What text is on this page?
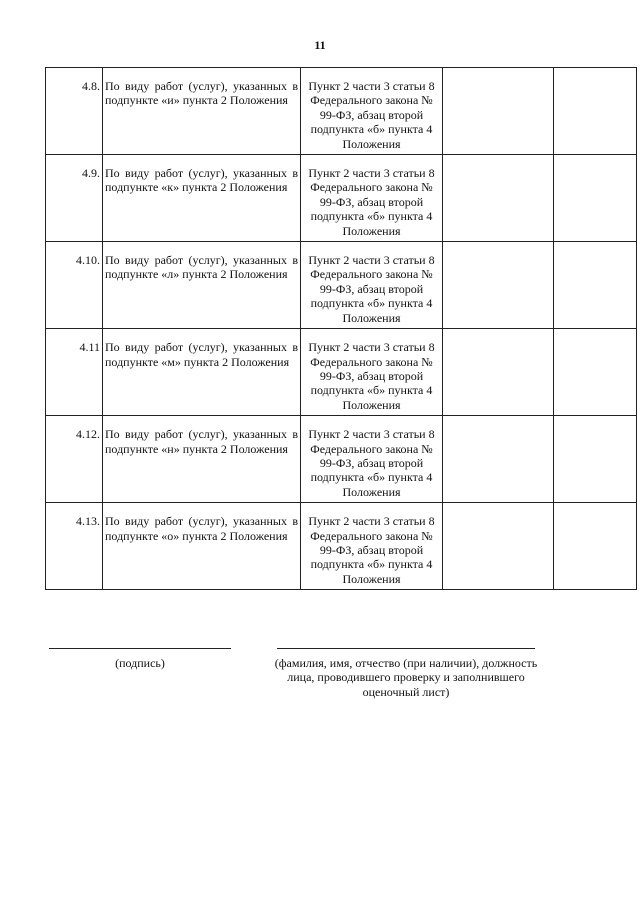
11
4.8.	По виду работ (услуг), указанных в подпункте «и» пункта 2 Положения	Пункт 2 части 3 статьи 8 Федерального закона № 99-ФЗ, абзац второй подпункта «б» пункта 4 Положения		
4.9.	По виду работ (услуг), указанных в подпункте «к» пункта 2 Положения	Пункт 2 части 3 статьи 8 Федерального закона № 99-ФЗ, абзац второй подпункта «б» пункта 4 Положения		
4.10.	По виду работ (услуг), указанных в подпункте «л» пункта 2 Положения	Пункт 2 части 3 статьи 8 Федерального закона № 99-ФЗ, абзац второй подпункта «б» пункта 4 Положения		
4.11	По виду работ (услуг), указанных в подпункте «м» пункта 2 Положения	Пункт 2 части 3 статьи 8 Федерального закона № 99-ФЗ, абзац второй подпункта «б» пункта 4 Положения		
4.12.	По виду работ (услуг), указанных в подпункте «н» пункта 2 Положения	Пункт 2 части 3 статьи 8 Федерального закона № 99-ФЗ, абзац второй подпункта «б» пункта 4 Положения		
4.13.	По виду работ (услуг), указанных в подпункте «о» пункта 2 Положения	Пункт 2 части 3 статьи 8 Федерального закона № 99-ФЗ, абзац второй подпункта «б» пункта 4 Положения		
(подпись)	(фамилия, имя, отчество (при наличии), должность лица, проводившего проверку и заполнившего оценочный лист)
